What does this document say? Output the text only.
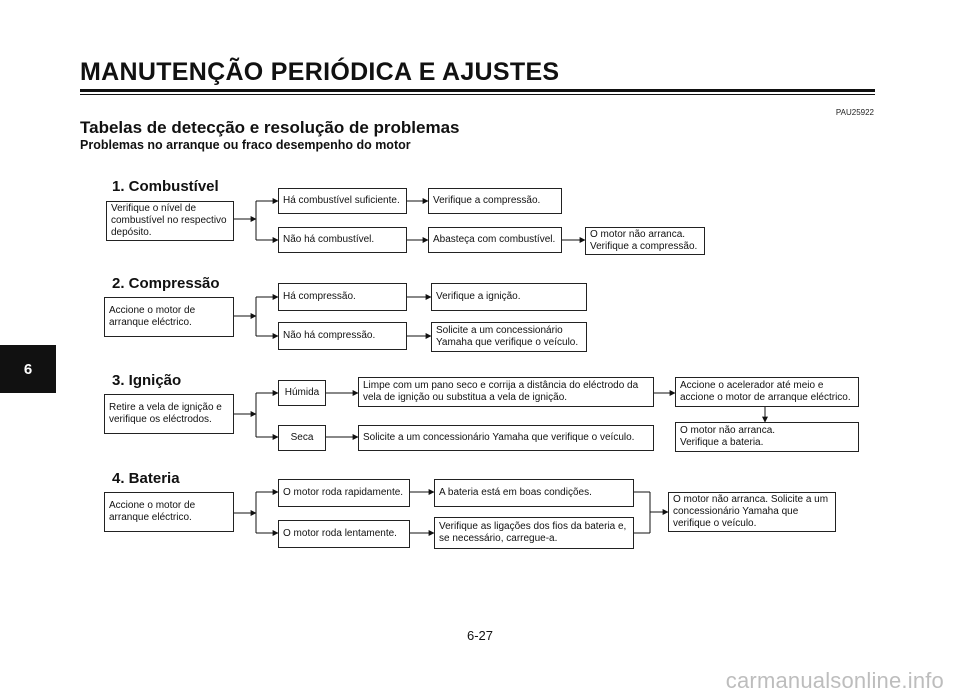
MANUTENÇÃO PERIÓDICA E AJUSTES
PAU25922
Tabelas de detecção e resolução de problemas
Problemas no arranque ou fraco desempenho do motor
6
1. Combustível
Verifique o nível de
combustível no respectivo
depósito.
Há combustível suficiente.	Verifique a compressão.
Não há combustível.	Abasteça com combustível.	O motor não arranca.
Verifique a compressão.
2. Compressão
Accione o motor de
arranque eléctrico.
Há compressão.	Verifique a ignição.
Não há compressão.	Solicite a um concessionário
Yamaha que verifique o veículo.
3. Ignição
Retire a vela de ignição e
verifique os eléctrodos.
Húmida
Limpe com um pano seco e corrija a distância do eléctrodo da
vela de ignição ou substitua a vela de ignição.
Accione o acelerador até meio e
accione o motor de arranque eléctrico.
Seca	Solicite a um concessionário Yamaha que verifique o veículo.
O motor não arranca.
Verifique a bateria.
4. Bateria
Accione o motor de
arranque eléctrico.
O motor roda rapidamente.	A bateria está em boas condições.
O motor roda lentamente.
Verifique as ligações dos fios da bateria e,
se necessário, carregue-a.
O motor não arranca. Solicite a um
concessionário Yamaha que
verifique o veículo.
6-27
carmanualsonline.info
